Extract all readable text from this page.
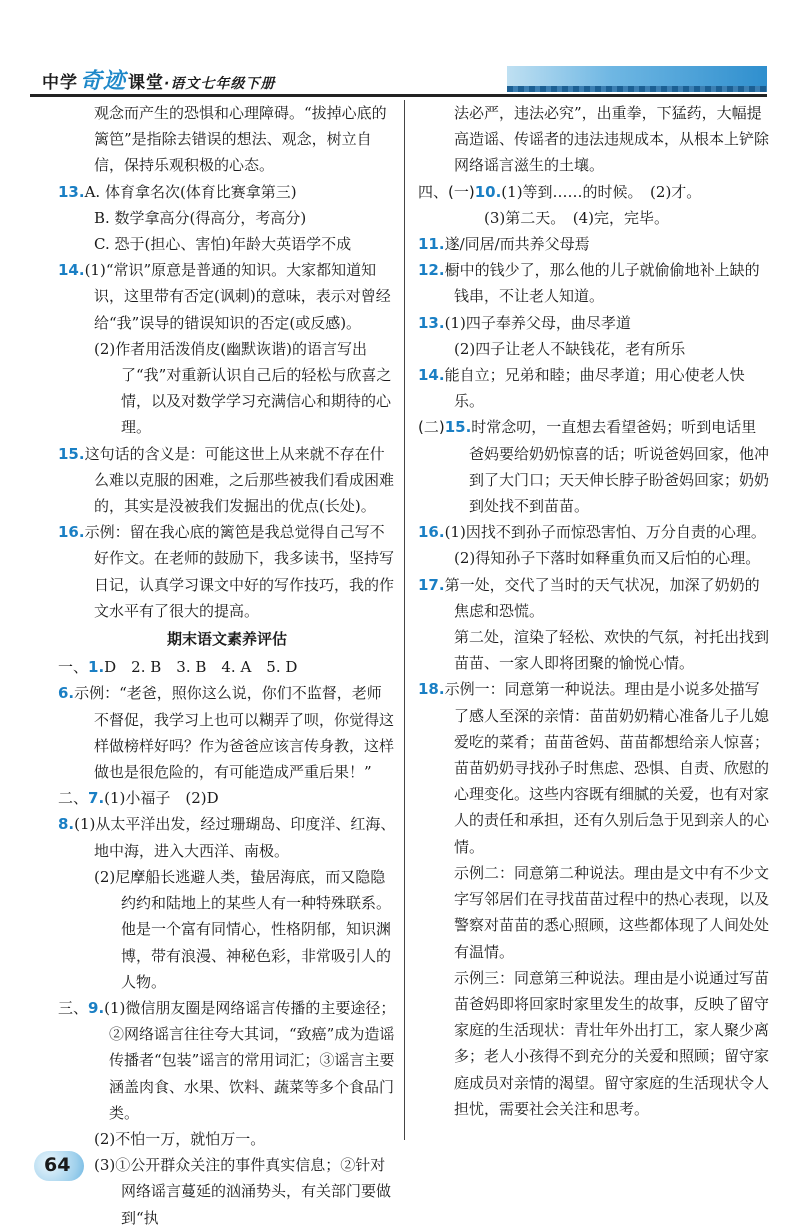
中学奇迹 课堂·语文七年级下册

观念而产生的恐惧和心理障碍。“拔掉心底的篱笆”是指除去错误的想法、观念，树立自信，保持乐观积极的心态。

13.A. 体育拿名次(体育比赛拿第三)

B. 数学拿高分(得高分，考高分)

C. 恐于(担心、害怕)年龄大英语学不成

14.(1)“常识”原意是普通的知识。大家都知道知识，这里带有否定(讽刺)的意味，表示对曾经给“我”误导的错误知识的否定(或反感)。

(2)作者用活泼俏皮(幽默诙谐)的语言写出了“我”对重新认识自己后的轻松与欣喜之情，以及对数学学习充满信心和期待的心理。

15.这句话的含义是：可能这世上从来就不存在什么难以克服的困难，之后那些被我们看成困难的，其实是没被我们发掘出的优点(长处)。

16.示例：留在我心底的篱笆是我总觉得自己写不好作文。在老师的鼓励下，我多读书，坚持写日记，认真学习课文中好的写作技巧，我的作文水平有了很大的提高。

期末语文素养评估

一、1.D　2. B　3. B　4. A　5. D

6.示例：“老爸，照你这么说，你们不监督，老师不督促，我学习上也可以糊弄了呗，你觉得这样做榜样好吗？作为爸爸应该言传身教，这样做也是很危险的，有可能造成严重后果！”

二、7.(1)小福子　(2)D

8.(1)从太平洋出发，经过珊瑚岛、印度洋、红海、地中海，进入大西洋、南极。

(2)尼摩船长逃避人类，蛰居海底，而又隐隐约约和陆地上的某些人有一种特殊联系。他是一个富有同情心，性格阴郁，知识渊博，带有浪漫、神秘色彩，非常吸引人的人物。

三、9.(1)微信朋友圈是网络谣言传播的主要途径；②网络谣言往往夸大其词，“致癌”成为造谣传播者“包装”谣言的常用词汇；③谣言主要涵盖肉食、水果、饮料、蔬菜等多个食品门类。

(2)不怕一万，就怕万一。

(3)①公开群众关注的事件真实信息；②针对网络谣言蔓延的汹涌势头，有关部门要做到“执

法必严，违法必究”，出重拳，下猛药，大幅提高造谣、传谣者的违法违规成本，从根本上铲除网络谣言滋生的土壤。

四、(一)10.(1)等到……的时候。　(2)才。

　　(3)第二天。　(4)完，完毕。

11.遂/同居/而共养父母焉

12.橱中的钱少了，那么他的儿子就偷偷地补上缺的钱串，不让老人知道。

13.(1)四子奉养父母，曲尽孝道

(2)四子让老人不缺钱花，老有所乐

14.能自立；兄弟和睦；曲尽孝道；用心使老人快乐。

(二)15.时常念叨，一直想去看望爸妈；听到电话里爸妈要给奶奶惊喜的话；听说爸妈回家，他冲到了大门口；天天伸长脖子盼爸妈回家；奶奶到处找不到苗苗。

16.(1)因找不到孙子而惊恐害怕、万分自责的心理。

(2)得知孙子下落时如释重负而又后怕的心理。

17.第一处，交代了当时的天气状况，加深了奶奶的焦虑和恐慌。

第二处，渲染了轻松、欢快的气氛，衬托出找到苗苗、一家人即将团聚的愉悦心情。

18.示例一：同意第一种说法。理由是小说多处描写了感人至深的亲情：苗苗奶奶精心准备儿子儿媳爱吃的菜肴；苗苗爸妈、苗苗都想给亲人惊喜；苗苗奶奶寻找孙子时焦虑、恐惧、自责、欣慰的心理变化。这些内容既有细腻的关爱，也有对家人的责任和承担，还有久别后急于见到亲人的心情。

示例二：同意第二种说法。理由是文中有不少文字写邻居们在寻找苗苗过程中的热心表现，以及警察对苗苗的悉心照顾，这些都体现了人间处处有温情。

示例三：同意第三种说法。理由是小说通过写苗苗爸妈即将回家时家里发生的故事，反映了留守家庭的生活现状：青壮年外出打工，家人聚少离多；老人小孩得不到充分的关爱和照顾；留守家庭成员对亲情的渴望。留守家庭的生活现状令人担忧，需要社会关注和思考。

64
